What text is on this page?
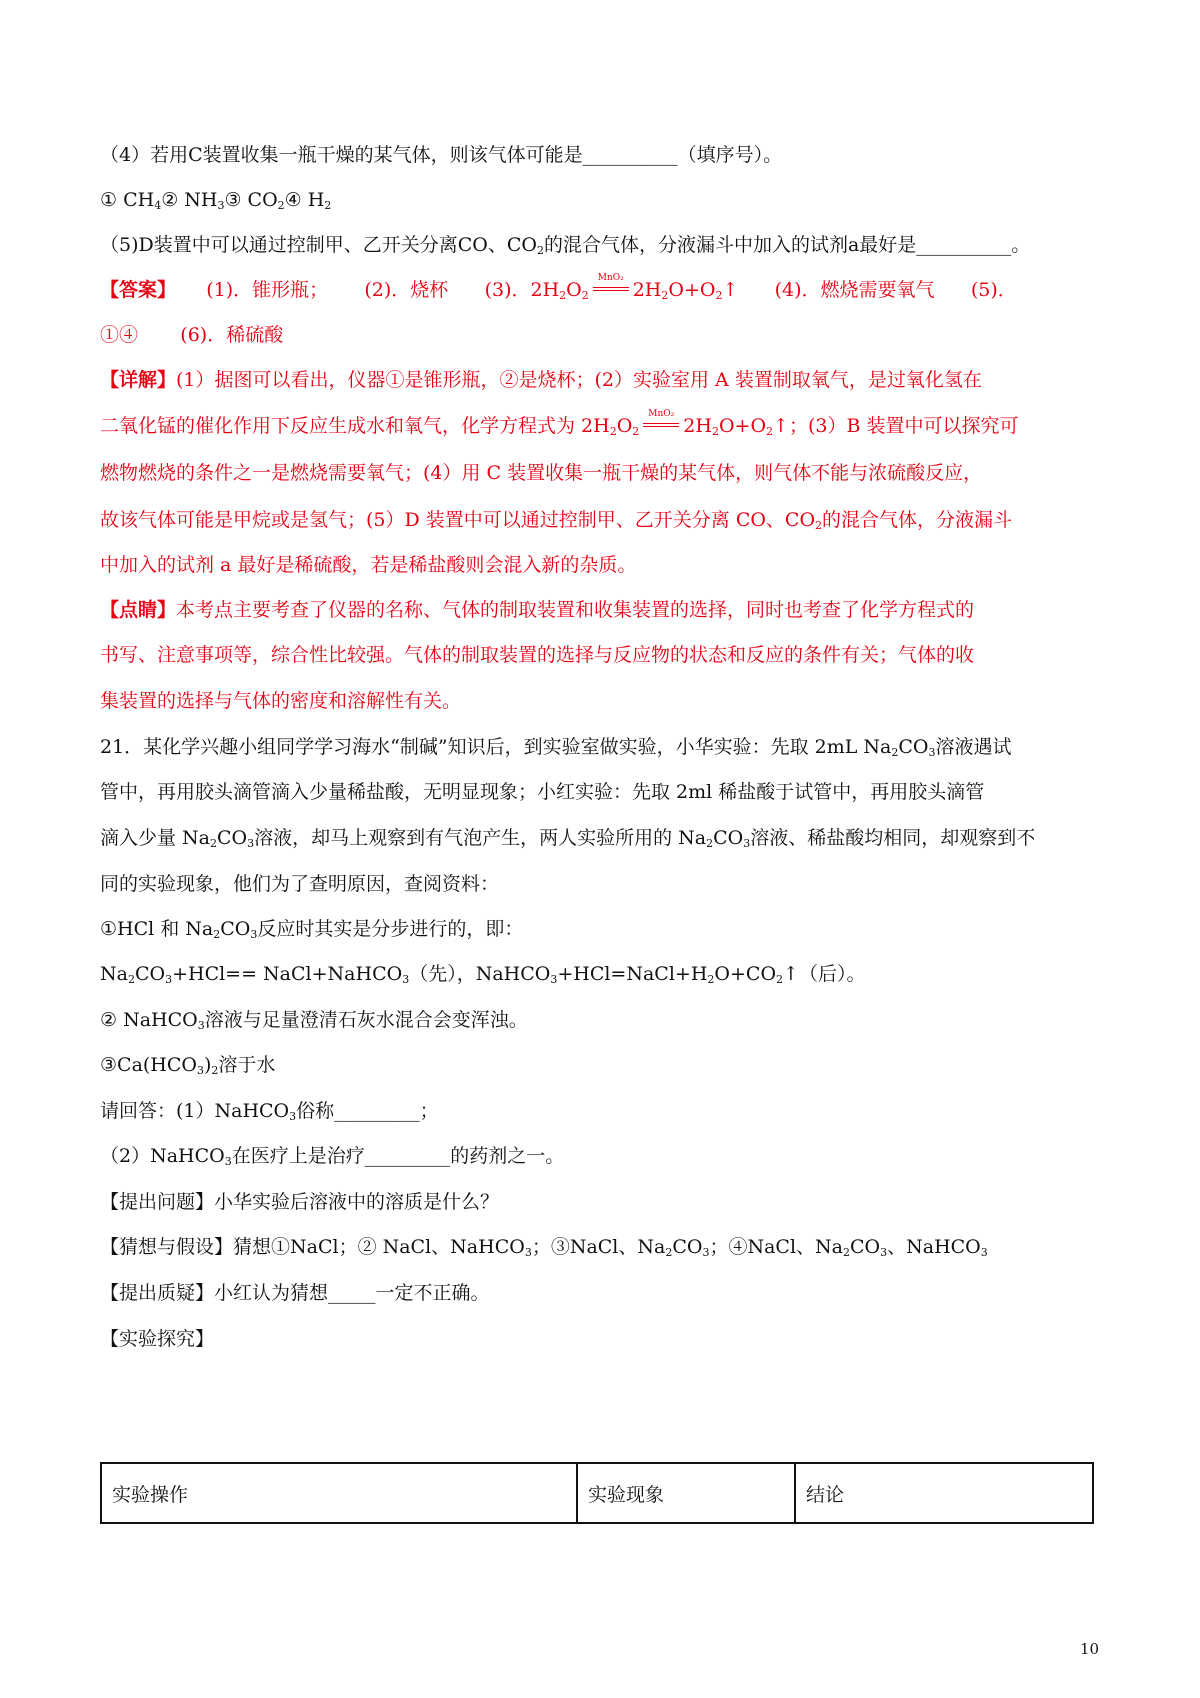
（4）若用C装置收集一瓶干燥的某气体，则该气体可能是__________（填序号）。
① $CH_4②$ $NH_3③$ $CO_2④$ $H_2$
（5)D装置中可以通过控制甲、乙开关分离CO、$CO_2$的混合气体，分液漏斗中加入的试剂a最好是__________。
【答案】 (1)．锥形瓶； (2)．烧杯 (3)．$2H_2O_2$
MnO₂
$2H_2O+O_2↑$ (4)．燃烧需要氧气 (5)．
①④ (6)．稀硫酸
【详解】(1）据图可以看出，仪器①是锥形瓶，②是烧杯；(2）实验室用 A 装置制取氧气，是过氧化氢在
二氧化锰的催化作用下反应生成水和氧气，化学方程式为 $2H_2O_2$
MnO₂
$2H_2O+O_2↑$；(3）B 装置中可以探究可
燃物燃烧的条件之一是燃烧需要氧气；(4）用 C 装置收集一瓶干燥的某气体，则气体不能与浓硫酸反应，
故该气体可能是甲烷或是氢气；(5）D 装置中可以通过控制甲、乙开关分离 CO、$CO_2$的混合气体，分液漏斗
中加入的试剂 a 最好是稀硫酸，若是稀盐酸则会混入新的杂质。
【点睛】本考点主要考查了仪器的名称、气体的制取装置和收集装置的选择，同时也考查了化学方程式的
书写、注意事项等，综合性比较强。气体的制取装置的选择与反应物的状态和反应的条件有关；气体的收
集装置的选择与气体的密度和溶解性有关。
21．某化学兴趣小组同学学习海水“制碱”知识后，到实验室做实验，小华实验：先取 2mL $Na_2CO_3$溶液遇试
管中，再用胶头滴管滴入少量稀盐酸，无明显现象；小红实验：先取 2ml 稀盐酸于试管中，再用胶头滴管
滴入少量 $Na_2CO_3$溶液，却马上观察到有气泡产生，两人实验所用的 $Na_2CO_3$溶液、稀盐酸均相同，却观察到不
同的实验现象，他们为了查明原因，查阅资料：
①HCl 和 $Na_2CO_3$反应时其实是分步进行的，即：
$Na_2CO_3+HCl==$ NaCl+NaHCO$_3$（先），$NaHCO_3+HCl=NaCl+H_2O+CO_2↑$（后）。
② NaHCO$_3$溶液与足量澄清石灰水混合会变浑浊。
$③Ca(HCO_3)_2$溶于水
请回答：(1）NaHCO$_3$俗称_________；
（2）NaHCO$_3$在医疗上是治疗_________的药剂之一。
【提出问题】小华实验后溶液中的溶质是什么？
【猜想与假设】猜想①NaCl；② NaCl、NaHCO$_3$；③NaCl、$Na_2CO_3$；④NaCl、$Na_2CO_3$、NaHCO$_3$
【提出质疑】小红认为猜想_____一定不正确。
【实验探究】
实验操作	实验现象	结论
10
